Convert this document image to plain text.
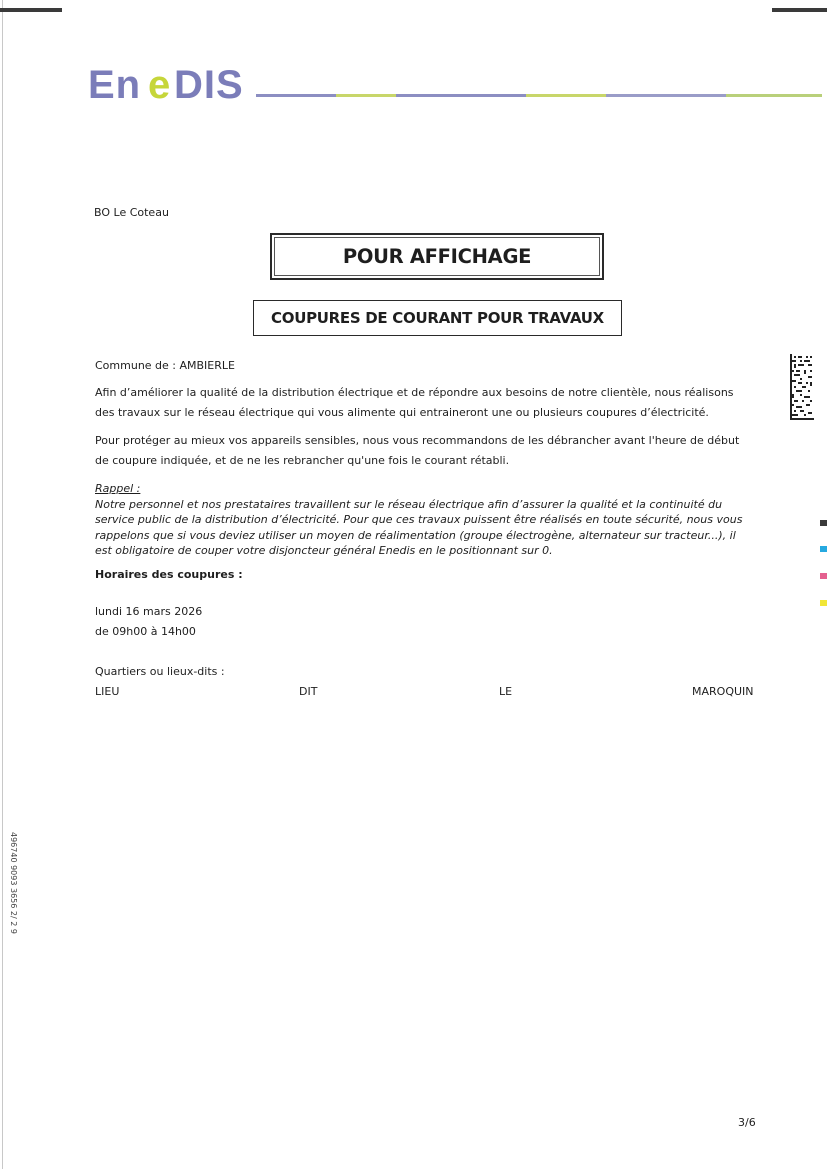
En e DIS
BO Le Coteau
POUR AFFICHAGE
COUPURES DE COURANT POUR TRAVAUX
Commune de : AMBIERLE
Afin d’améliorer la qualité de la distribution électrique et de répondre aux besoins de notre clientèle, nous réalisons des travaux sur le réseau électrique qui vous alimente qui entraineront une ou plusieurs coupures d’électricité.
Pour protéger au mieux vos appareils sensibles, nous vous recommandons de les débrancher avant l'heure de début de coupure indiquée, et de ne les rebrancher qu'une fois le courant rétabli.
Rappel :
Notre personnel et nos prestataires travaillent sur le réseau électrique afin d’assurer la qualité et la continuité du service public de la distribution d’électricité. Pour que ces travaux puissent être réalisés en toute sécurité, nous vous rappelons que si vous deviez utiliser un moyen de réalimentation (groupe électrogène, alternateur sur tracteur...), il est obligatoire de couper votre disjoncteur général Enedis en le positionnant sur 0.
Horaires des coupures :
lundi 16 mars 2026
de 09h00 à 14h00
Quartiers ou lieux-dits :
LIEU	DIT	LE	MAROQUIN
496740 9093 3656 2/ 2 9
3/6
